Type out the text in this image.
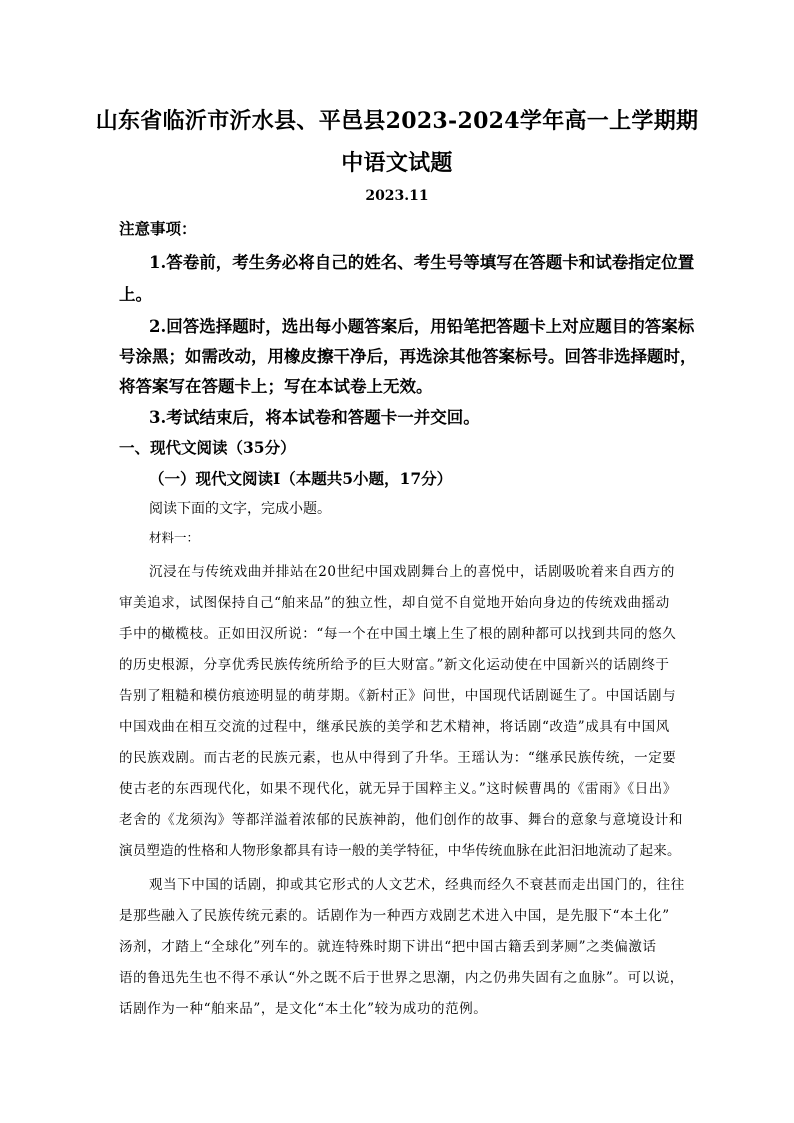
山东省临沂市沂水县、平邑县2023-2024学年高一上学期期
中语文试题
2023.11
注意事项：
1.答卷前，考生务必将自己的姓名、考生号等填写在答题卡和试卷指定位置
上。
2.回答选择题时，选出每小题答案后，用铅笔把答题卡上对应题目的答案标
号涂黑；如需改动，用橡皮擦干净后，再选涂其他答案标号。回答非选择题时，
将答案写在答题卡上；写在本试卷上无效。
3.考试结束后，将本试卷和答题卡一并交回。
一、现代文阅读（35分）
（一）现代文阅读Ⅰ（本题共5小题，17分）
阅读下面的文字，完成小题。
材料一：
沉浸在与传统戏曲并排站在20世纪中国戏剧舞台上的喜悦中，话剧吸吮着来自西方的
审美追求，试图保持自己“舶来品”的独立性，却自觉不自觉地开始向身边的传统戏曲摇动
手中的橄榄枝。正如田汉所说：“每一个在中国土壤上生了根的剧种都可以找到共同的悠久
的历史根源，分享优秀民族传统所给予的巨大财富。”新文化运动使在中国新兴的话剧终于
告别了粗糙和模仿痕迹明显的萌芽期。《新村正》问世，中国现代话剧诞生了。中国话剧与
中国戏曲在相互交流的过程中，继承民族的美学和艺术精神，将话剧“改造”成具有中国风
的民族戏剧。而古老的民族元素，也从中得到了升华。王瑶认为：“继承民族传统，一定要
使古老的东西现代化，如果不现代化，就无异于国粹主义。”这时候曹禺的《雷雨》《日出》
老舍的《龙须沟》等都洋溢着浓郁的民族神韵，他们创作的故事、舞台的意象与意境设计和
演员塑造的性格和人物形象都具有诗一般的美学特征，中华传统血脉在此汩汩地流动了起来。
观当下中国的话剧，抑或其它形式的人文艺术，经典而经久不衰甚而走出国门的，往往
是那些融入了民族传统元素的。话剧作为一种西方戏剧艺术进入中国，是先服下“本土化”
汤剂，才踏上“全球化”列车的。就连特殊时期下讲出“把中国古籍丢到茅厕”之类偏激话
语的鲁迅先生也不得不承认“外之既不后于世界之思潮，内之仍弗失固有之血脉”。可以说，
话剧作为一种“舶来品”，是文化“本土化”较为成功的范例。
